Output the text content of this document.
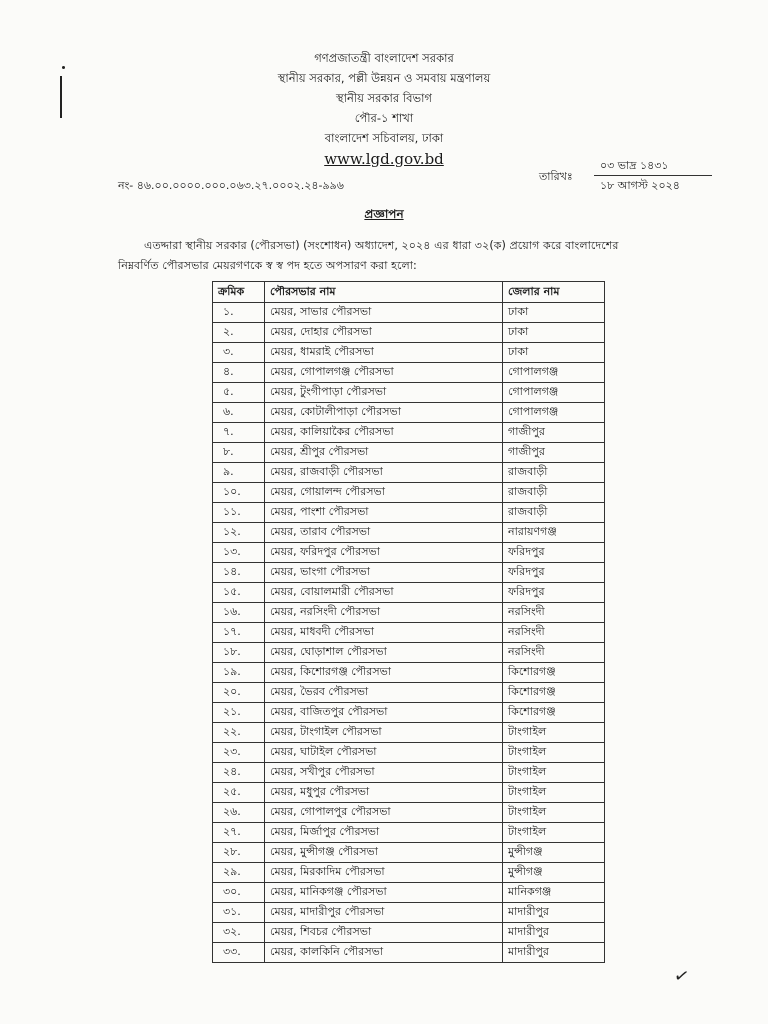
গণপ্রজাতন্ত্রী বাংলাদেশ সরকার
স্থানীয় সরকার, পল্লী উন্নয়ন ও সমবায় মন্ত্রণালয়
স্থানীয় সরকার বিভাগ
পৌর-১ শাখা
বাংলাদেশ সচিবালয়, ঢাকা
www.lgd.gov.bd
নং- ৪৬.০০.০০০০.০০০.০৬৩.২৭.০০০২.২৪-৯৯৬
তারিখঃ
০৩ ভাদ্র ১৪৩১
১৮ আগস্ট ২০২৪
প্রজ্ঞাপন
এতদ্দারা স্থানীয় সরকার (পৌরসভা) (সংশোধন) অধ্যাদেশ, ২০২৪ এর ধারা ৩২(ক) প্রয়োগ করে বাংলাদেশের
নিম্নবর্ণিত পৌরসভার মেয়রগণকে স্ব স্ব পদ হতে অপসারণ করা হলো:
ক্রমিক	পৌরসভার নাম	জেলার নাম
১.	মেয়র, সাভার পৌরসভা	ঢাকা
২.	মেয়র, দোহার পৌরসভা	ঢাকা
৩.	মেয়র, ধামরাই পৌরসভা	ঢাকা
৪.	মেয়র, গোপালগঞ্জ পৌরসভা	গোপালগঞ্জ
৫.	মেয়র, টুংগীপাড়া পৌরসভা	গোপালগঞ্জ
৬.	মেয়র, কোটালীপাড়া পৌরসভা	গোপালগঞ্জ
৭.	মেয়র, কালিয়াকৈর পৌরসভা	গাজীপুর
৮.	মেয়র, শ্রীপুর পৌরসভা	গাজীপুর
৯.	মেয়র, রাজবাড়ী পৌরসভা	রাজবাড়ী
১০.	মেয়র, গোয়ালন্দ পৌরসভা	রাজবাড়ী
১১.	মেয়র, পাংশা পৌরসভা	রাজবাড়ী
১২.	মেয়র, তারাব পৌরসভা	নারায়ণগঞ্জ
১৩.	মেয়র, ফরিদপুর পৌরসভা	ফরিদপুর
১৪.	মেয়র, ভাংগা পৌরসভা	ফরিদপুর
১৫.	মেয়র, বোয়ালমারী পৌরসভা	ফরিদপুর
১৬.	মেয়র, নরসিংদী পৌরসভা	নরসিংদী
১৭.	মেয়র, মাধবদী পৌরসভা	নরসিংদী
১৮.	মেয়র, ঘোড়াশাল পৌরসভা	নরসিংদী
১৯.	মেয়র, কিশোরগঞ্জ পৌরসভা	কিশোরগঞ্জ
২০.	মেয়র, ভৈরব পৌরসভা	কিশোরগঞ্জ
২১.	মেয়র, বাজিতপুর পৌরসভা	কিশোরগঞ্জ
২২.	মেয়র, টাংগাইল পৌরসভা	টাংগাইল
২৩.	মেয়র, ঘাটাইল পৌরসভা	টাংগাইল
২৪.	মেয়র, সখীপুর পৌরসভা	টাংগাইল
২৫.	মেয়র, মধুপুর পৌরসভা	টাংগাইল
২৬.	মেয়র, গোপালপুর পৌরসভা	টাংগাইল
২৭.	মেয়র, মির্জাপুর পৌরসভা	টাংগাইল
২৮.	মেয়র, মুন্সীগঞ্জ পৌরসভা	মুন্সীগঞ্জ
২৯.	মেয়র, মিরকাদিম পৌরসভা	মুন্সীগঞ্জ
৩০.	মেয়র, মানিকগঞ্জ পৌরসভা	মানিকগঞ্জ
৩১.	মেয়র, মাদারীপুর পৌরসভা	মাদারীপুর
৩২.	মেয়র, শিবচর পৌরসভা	মাদারীপুর
৩৩.	মেয়র, কালকিনি পৌরসভা	মাদারীপুর
✓
